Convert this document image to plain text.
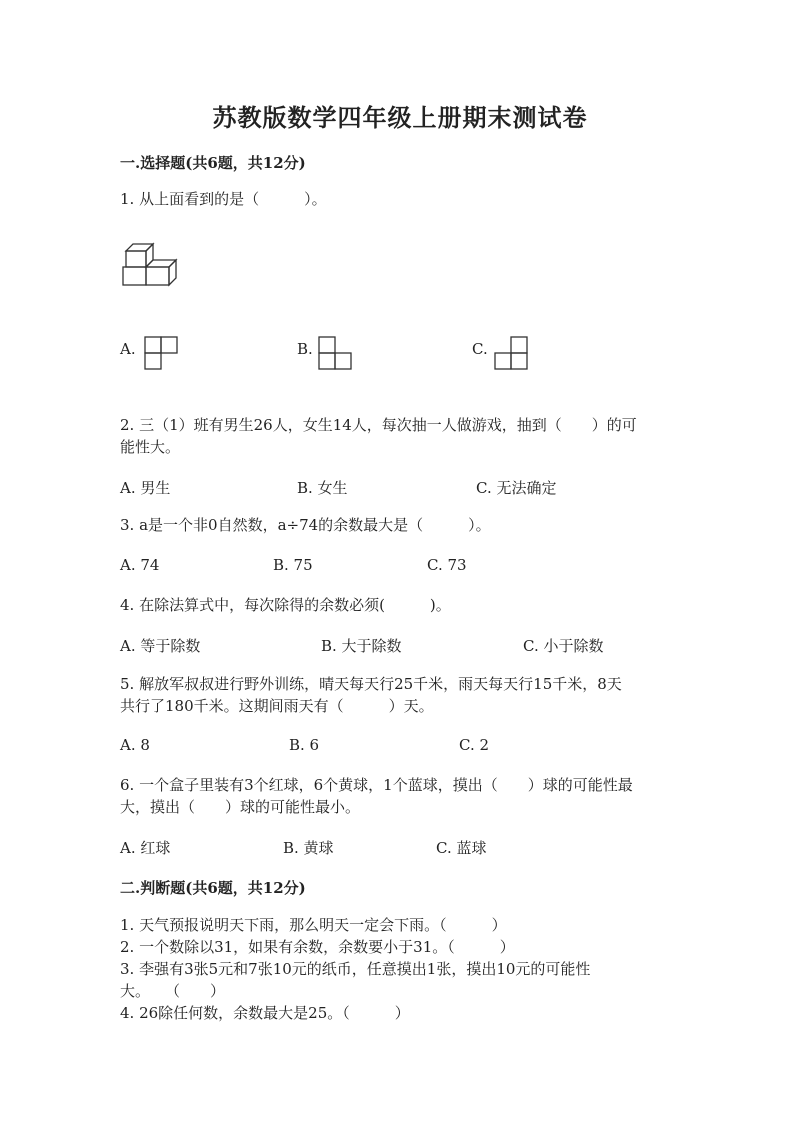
苏教版数学四年级上册期末测试卷
一.选择题(共6题，共12分)
1. 从上面看到的是（　　　）。
A.	B.	C.
2. 三（1）班有男生26人，女生14人，每次抽一人做游戏，抽到（　　）的可
能性大。
A. 男生	B. 女生	C. 无法确定
3. a是一个非0自然数，a÷74的余数最大是（　　　）。
A. 74	B. 75	C. 73
4. 在除法算式中，每次除得的余数必须(　　　)。
A. 等于除数	B. 大于除数	C. 小于除数
5. 解放军叔叔进行野外训练，晴天每天行25千米，雨天每天行15千米，8天
共行了180千米。这期间雨天有（　　　）天。
A. 8	B. 6	C. 2
6. 一个盒子里装有3个红球，6个黄球，1个蓝球，摸出（　　）球的可能性最
大，摸出（　　）球的可能性最小。
A. 红球	B. 黄球	C. 蓝球
二.判断题(共6题，共12分)
1. 天气预报说明天下雨，那么明天一定会下雨。（　　　）
2. 一个数除以31，如果有余数，余数要小于31。（　　　）
3. 李强有3张5元和7张10元的纸币，任意摸出1张，摸出10元的可能性
大。　　（　　）
4. 26除任何数，余数最大是25。（　　　）
